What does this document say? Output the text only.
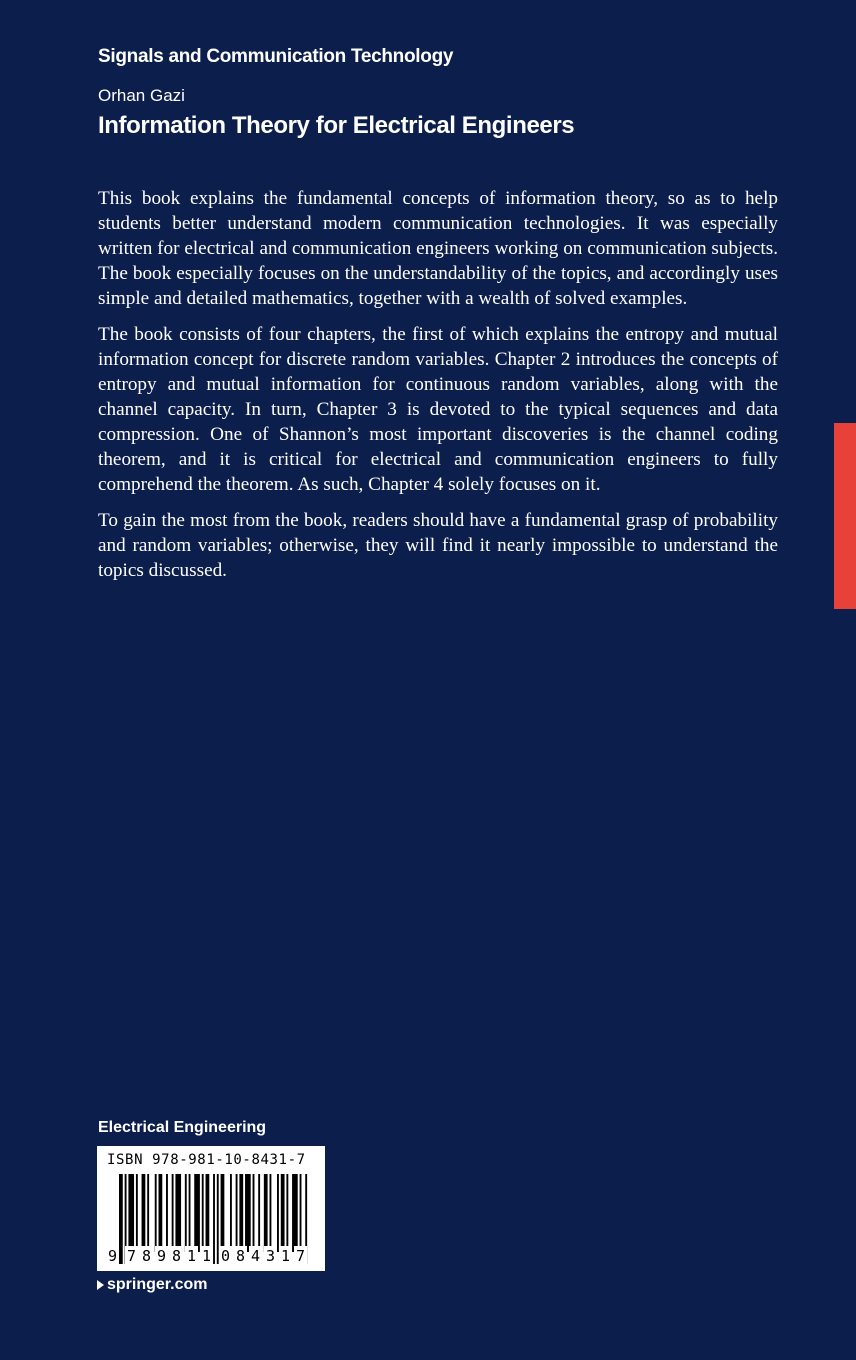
Signals and Communication Technology
Orhan Gazi
Information Theory for Electrical Engineers

This book explains the fundamental concepts of information theory, so as to help students better understand modern communication technologies. It was especially written for electrical and communication engineers working on communication subjects. The book especially focuses on the understandability of the topics, and accordingly uses simple and detailed mathematics, together with a wealth of solved examples.

The book consists of four chapters, the first of which explains the entropy and mutual information concept for discrete random variables. Chapter 2 introduces the concepts of entropy and mutual information for continuous random variables, along with the channel capacity. In turn, Chapter 3 is devoted to the typical sequences and data compression. One of Shannon’s most important discoveries is the channel coding theorem, and it is critical for electrical and communication engineers to fully comprehend the theorem. As such, Chapter 4 solely focuses on it.

To gain the most from the book, readers should have a fundamental grasp of probability and random variables; otherwise, they will find it nearly impossible to understand the topics discussed.

Electrical Engineering
ISBN 978-981-10-8431-7
9 7 8 9 8 1 1 0 8 4 3 1 7
springer.com
